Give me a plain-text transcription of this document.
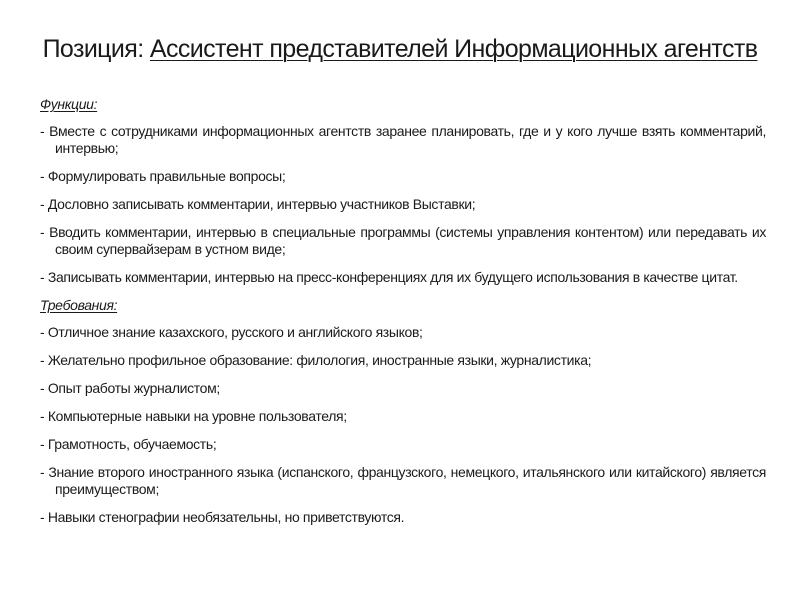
Позиция: Ассистент представителей Информационных агентств
Функции:
- Вместе с сотрудниками информационных агентств заранее планировать, где и у кого лучше взять комментарий, интервью;
- Формулировать правильные вопросы;
- Дословно записывать комментарии, интервью участников Выставки;
- Вводить комментарии, интервью в специальные программы (системы управления контентом) или передавать их своим супервайзерам в устном виде;
- Записывать комментарии, интервью на пресс-конференциях для их будущего использования в качестве цитат.
Требования:
- Отличное знание казахского, русского и английского языков;
- Желательно профильное образование: филология, иностранные языки, журналистика;
- Опыт работы журналистом;
- Компьютерные навыки на уровне пользователя;
- Грамотность, обучаемость;
- Знание второго иностранного языка (испанского, французского, немецкого, итальянского или китайского) является преимуществом;
- Навыки стенографии необязательны, но приветствуются.
